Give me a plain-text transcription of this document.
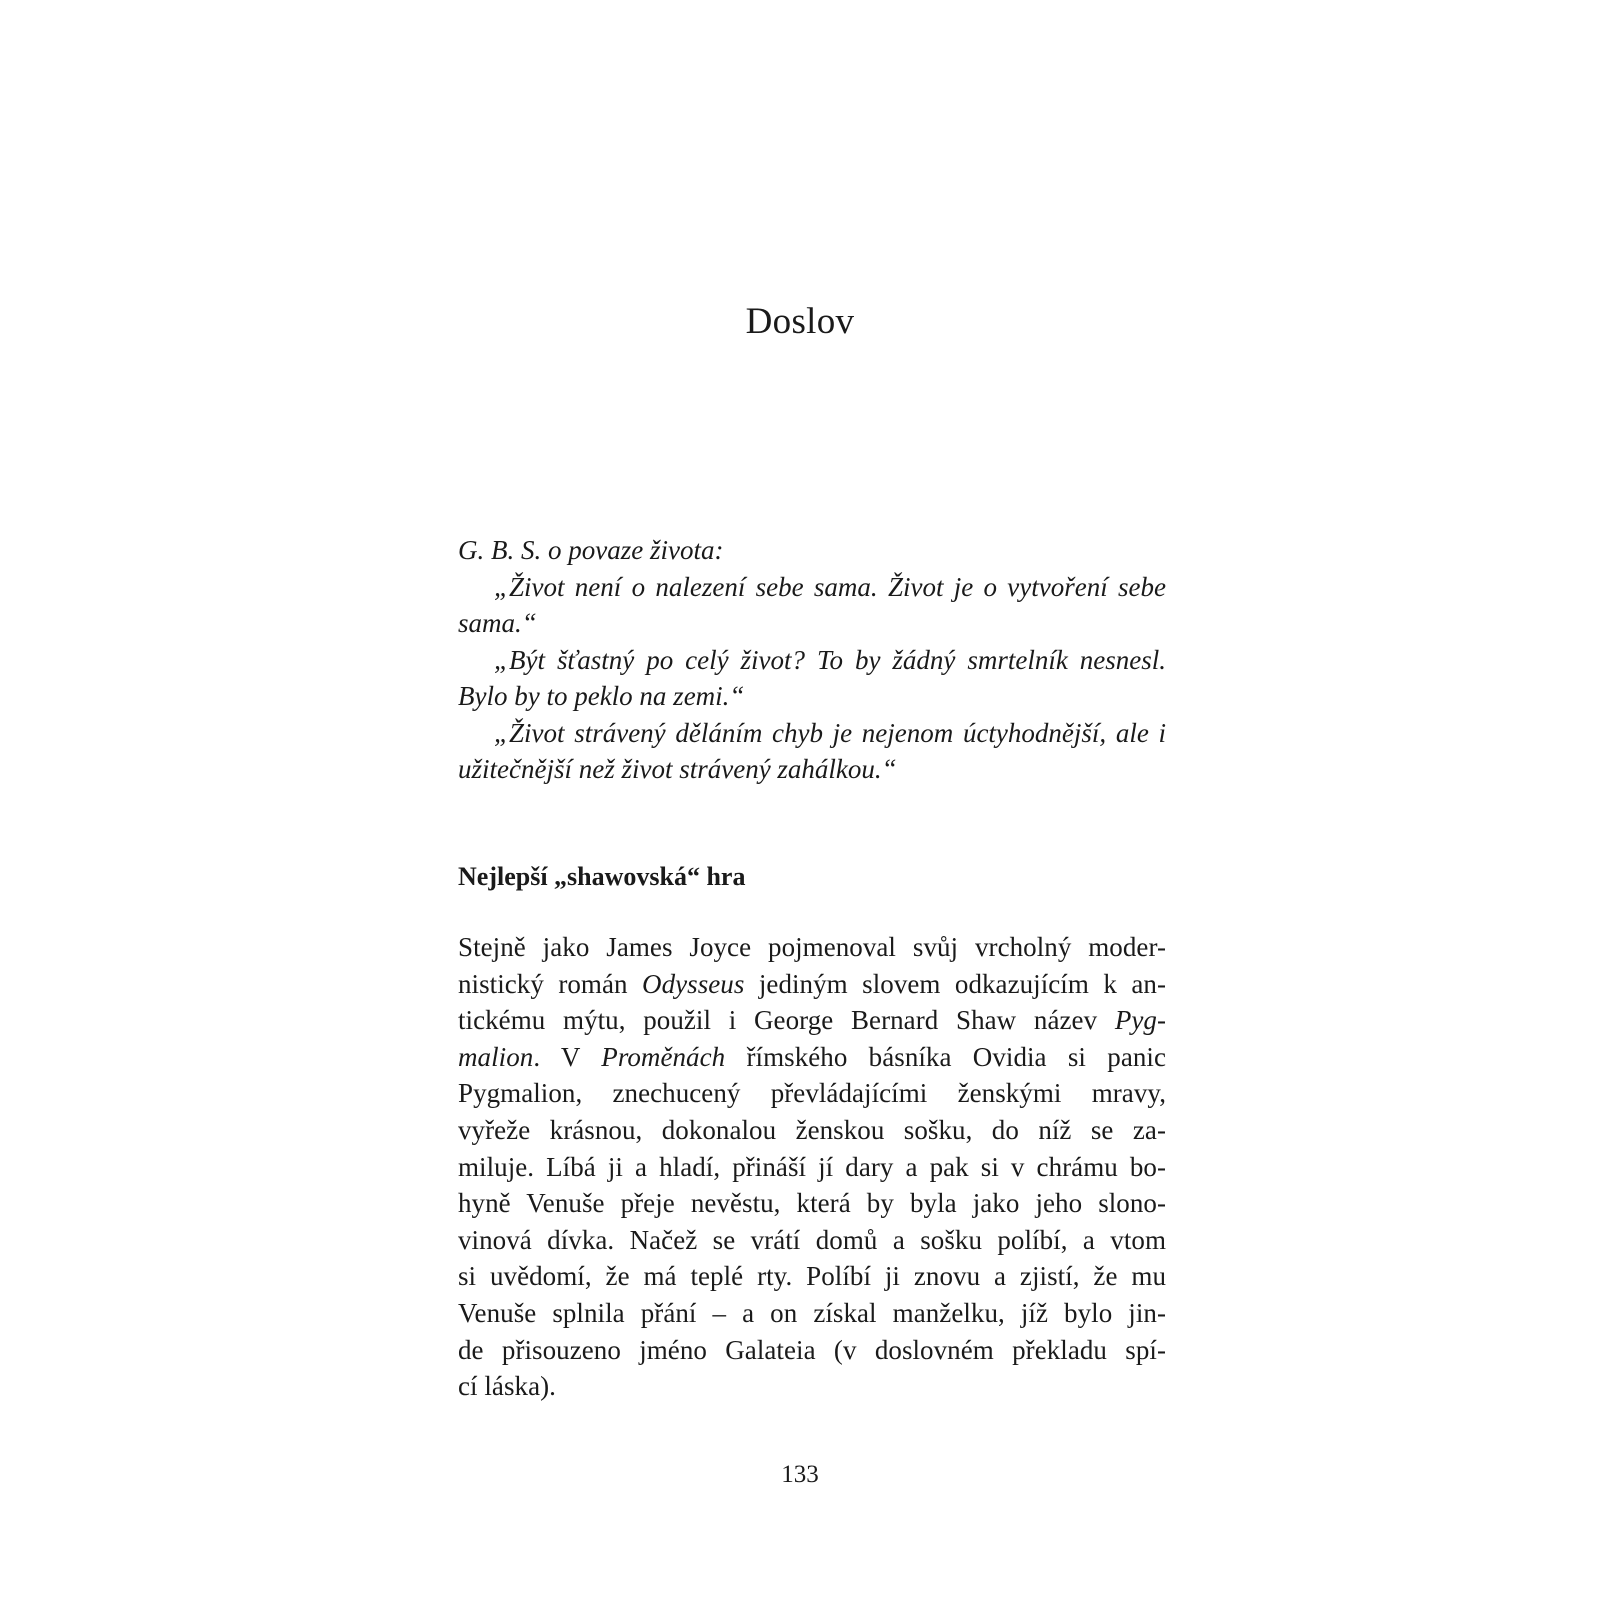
Doslov

G. B. S. o povaze života:

„Život není o nalezení sebe sama. Život je o vytvoření sebe sama.“

„Být šťastný po celý život? To by žádný smrtelník nesnesl. Bylo by to peklo na zemi.“

„Život strávený děláním chyb je nejenom úctyhodnější, ale i užitečnější než život strávený zahálkou.“

Nejlepší „shawovská“ hra
Stejně jako James Joyce pojmenoval svůj vrcholný moder-
nistický román Odysseus jediným slovem odkazujícím k an-
tickému mýtu, použil i George Bernard Shaw název Pyg-
malion. V Proměnách římského básníka Ovidia si panic
Pygmalion, znechucený převládajícími ženskými mravy,
vyřeže krásnou, dokonalou ženskou sošku, do níž se za-
miluje. Líbá ji a hladí, přináší jí dary a pak si v chrámu bo-
hyně Venuše přeje nevěstu, která by byla jako jeho slono-
vinová dívka. Načež se vrátí domů a sošku políbí, a vtom
si uvědomí, že má teplé rty. Políbí ji znovu a zjistí, že mu
Venuše splnila přání – a on získal manželku, jíž bylo jin-
de přisouzeno jméno Galateia (v doslovném překladu spí-
cí láska).
133
